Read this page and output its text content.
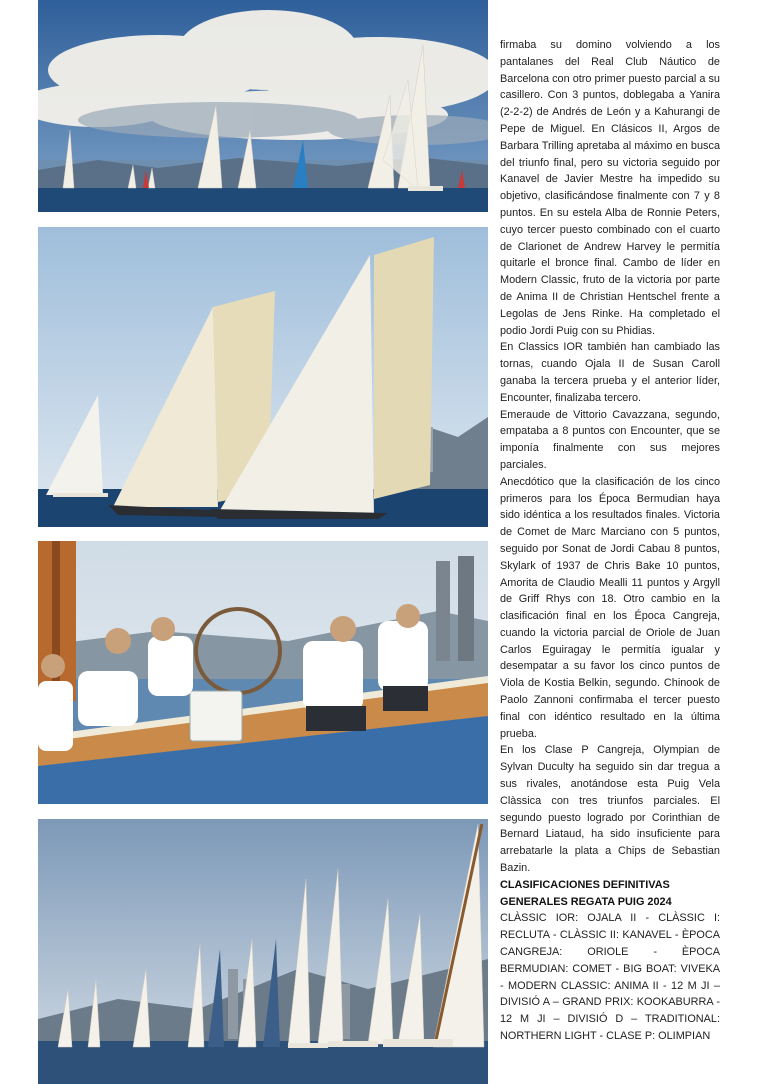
firmaba su domino volviendo a los pantalanes del Real Club Náutico de Barcelona con otro primer puesto parcial a su casillero. Con 3 puntos, doblegaba a Yanira (2-2-2) de Andrés de León y a Kahurangi de Pepe de Miguel. En Clásicos II, Argos de Barbara Trilling apretaba al máximo en busca del triunfo final, pero su victoria seguido por Kanavel de Javier Mestre ha impedido su objetivo, clasificándose finalmente con 7 y 8 puntos. En su estela Alba de Ronnie Peters, cuyo tercer puesto combinado con el cuarto de Clarionet de Andrew Harvey le permitía quitarle el bronce final. Cambo de líder en Modern Classic, fruto de la victoria por parte de Anima II de Christian Hentschel frente a Legolas de Jens Rinke. Ha completado el podio Jordi Puig con su Phidias.

En Classics IOR también han cambiado las tornas, cuando Ojala II de Susan Caroll ganaba la tercera prueba y el anterior líder, Encounter, finalizaba tercero.

Emeraude de Vittorio Cavazzana, segundo, empataba a 8 puntos con Encounter, que se imponía finalmente con sus mejores parciales.

Anecdótico que la clasificación de los cinco primeros para los Época Bermudian haya sido idéntica a los resultados finales. Victoria de Comet de Marc Marciano con 5 puntos, seguido por Sonat de Jordi Cabau 8 puntos, Skylark of 1937 de Chris Bake 10 puntos, Amorita de Claudio Mealli 11 puntos y Argyll de Griff Rhys con 18. Otro cambio en la clasificación final en los Época Cangreja, cuando la victoria parcial de Oriole de Juan Carlos Eguiragay le permitía igualar y desempatar a su favor los cinco puntos de Viola de Kostia Belkin, segundo. Chinook de Paolo Zannoni confirmaba el tercer puesto final con idéntico resultado en la última prueba.

En los Clase P Cangreja, Olympian de Sylvan Duculty ha seguido sin dar tregua a sus rivales, anotándose esta Puig Vela Clàssica con tres triunfos parciales. El segundo puesto logrado por Corinthian de Bernard Liataud, ha sido insuficiente para arrebatarle la plata a Chips de Sebastian Bazin.

CLASIFICACIONES DEFINITIVAS GENERALES REGATA PUIG 2024

CLÀSSIC IOR: OJALA II - CLÀSSIC I: RECLUTA - CLÀSSIC II: KANAVEL - ÈPOCA CANGREJA: ORIOLE - ÈPOCA BERMUDIAN: COMET - BIG BOAT: VIVEKA - MODERN CLASSIC: ANIMA II - 12 M JI – DIVISIÓ A – GRAND PRIX: KOOKABURRA - 12 M JI – DIVISIÓ D – TRADITIONAL: NORTHERN LIGHT - CLASE P: OLIMPIAN
